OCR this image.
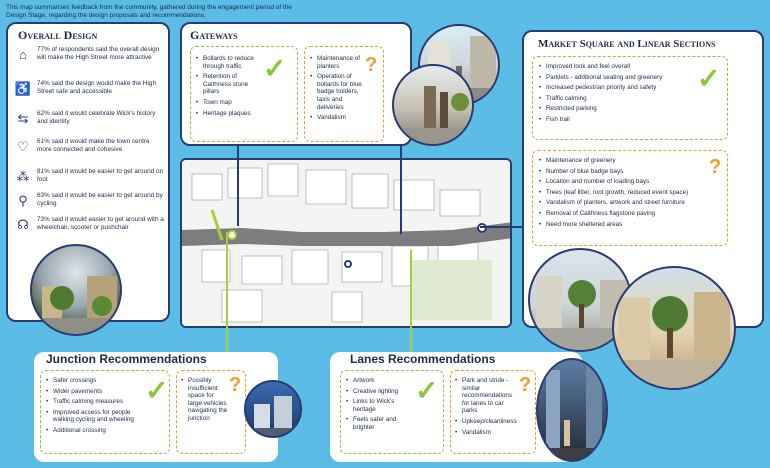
This map summarises feedback from the community, gathered during the engagement period of the Design Stage, regarding the design proposals and recommendations.
Overall Design
⌂	77% of respondents said the overall design will make the High Street more attractive
♿ 74% said the design would make the High Street safe and accessible
⇆	62% said it would celebrate Wick's history and identity
♡	61% said it would make the town centre more connected and cohesive
⁂	81% said it would be easier to get around on foot
⚲	63% said it would be easier to get around by cycling
☊	73% said it would easier to get around with a wheelchair, scooter or pushchair
Gateways
• Bollards to reduce through traffic
• Retention of Caithness stone pillars
• Town map
• Heritage plaques
✓	• Maintenance of planters
• Operation of bollards for blue badge holders, taxis and deliveries
• Vandalism
?
Market Square and Linear Sections
• Improved look and feel overall
• Parklets - additional seating and greenery
• Increased pedestrian priority and safety
• Traffic calming
• Restricted parking
• Fish trail
✓
• Maintenance of greenery
• Number of blue badge bays
• Location and number of loading bays
• Trees (leaf litter, root growth, reduced event space)
• Vandalism of planters, artwork and street furniture
• Removal of Caithness flagstone paving
• Need more sheltered areas
?
Junction Recommendations
• Safer crossings
• Wider pavements
• Traffic calming measures
• Improved access for people walking cycling and wheeling
• Additional crossing
✓	• Possibly insufficient space for large vehicles navigating the junction
?
Lanes Recommendations
• Artwork
• Creative lighting
• Links to Wick's heritage
• Feels safer and brighter
✓	• Park and stride - similar recommendations for lanes to car parks
• Upkeep/cleanliness
• Vandalism
?
